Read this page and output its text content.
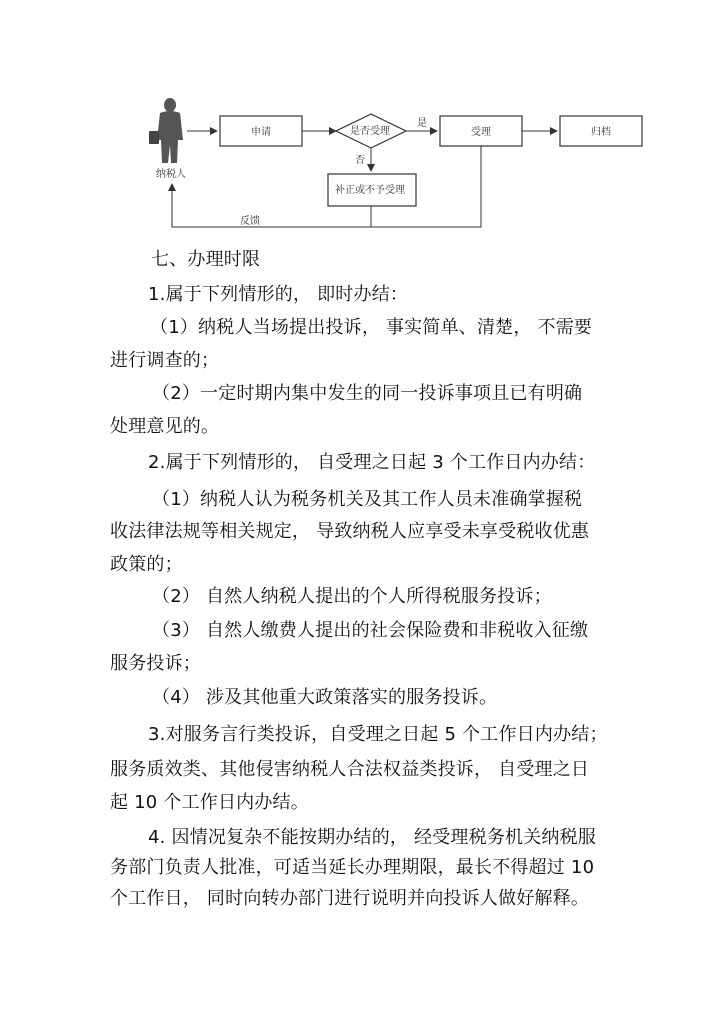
纳税人
申请	是否受理
是
受理	归档
否
补正或不予受理
反馈
七、办理时限
1.属于下列情形的， 即时办结：
（1）纳税人当场提出投诉， 事实简单、清楚， 不需要
进行调查的；
（2）一定时期内集中发生的同一投诉事项且已有明确
处理意见的。
2.属于下列情形的， 自受理之日起 3 个工作日内办结：
（1）纳税人认为税务机关及其工作人员未准确掌握税
收法律法规等相关规定， 导致纳税人应享受未享受税收优惠
政策的；
（2） 自然人纳税人提出的个人所得税服务投诉；
（3） 自然人缴费人提出的社会保险费和非税收入征缴
服务投诉；
（4） 涉及其他重大政策落实的服务投诉。
3.对服务言行类投诉，自受理之日起 5 个工作日内办结；
服务质效类、其他侵害纳税人合法权益类投诉， 自受理之日
起 10 个工作日内办结。
4. 因情况复杂不能按期办结的， 经受理税务机关纳税服
务部门负责人批准，可适当延长办理期限，最长不得超过 10
个工作日， 同时向转办部门进行说明并向投诉人做好解释。
